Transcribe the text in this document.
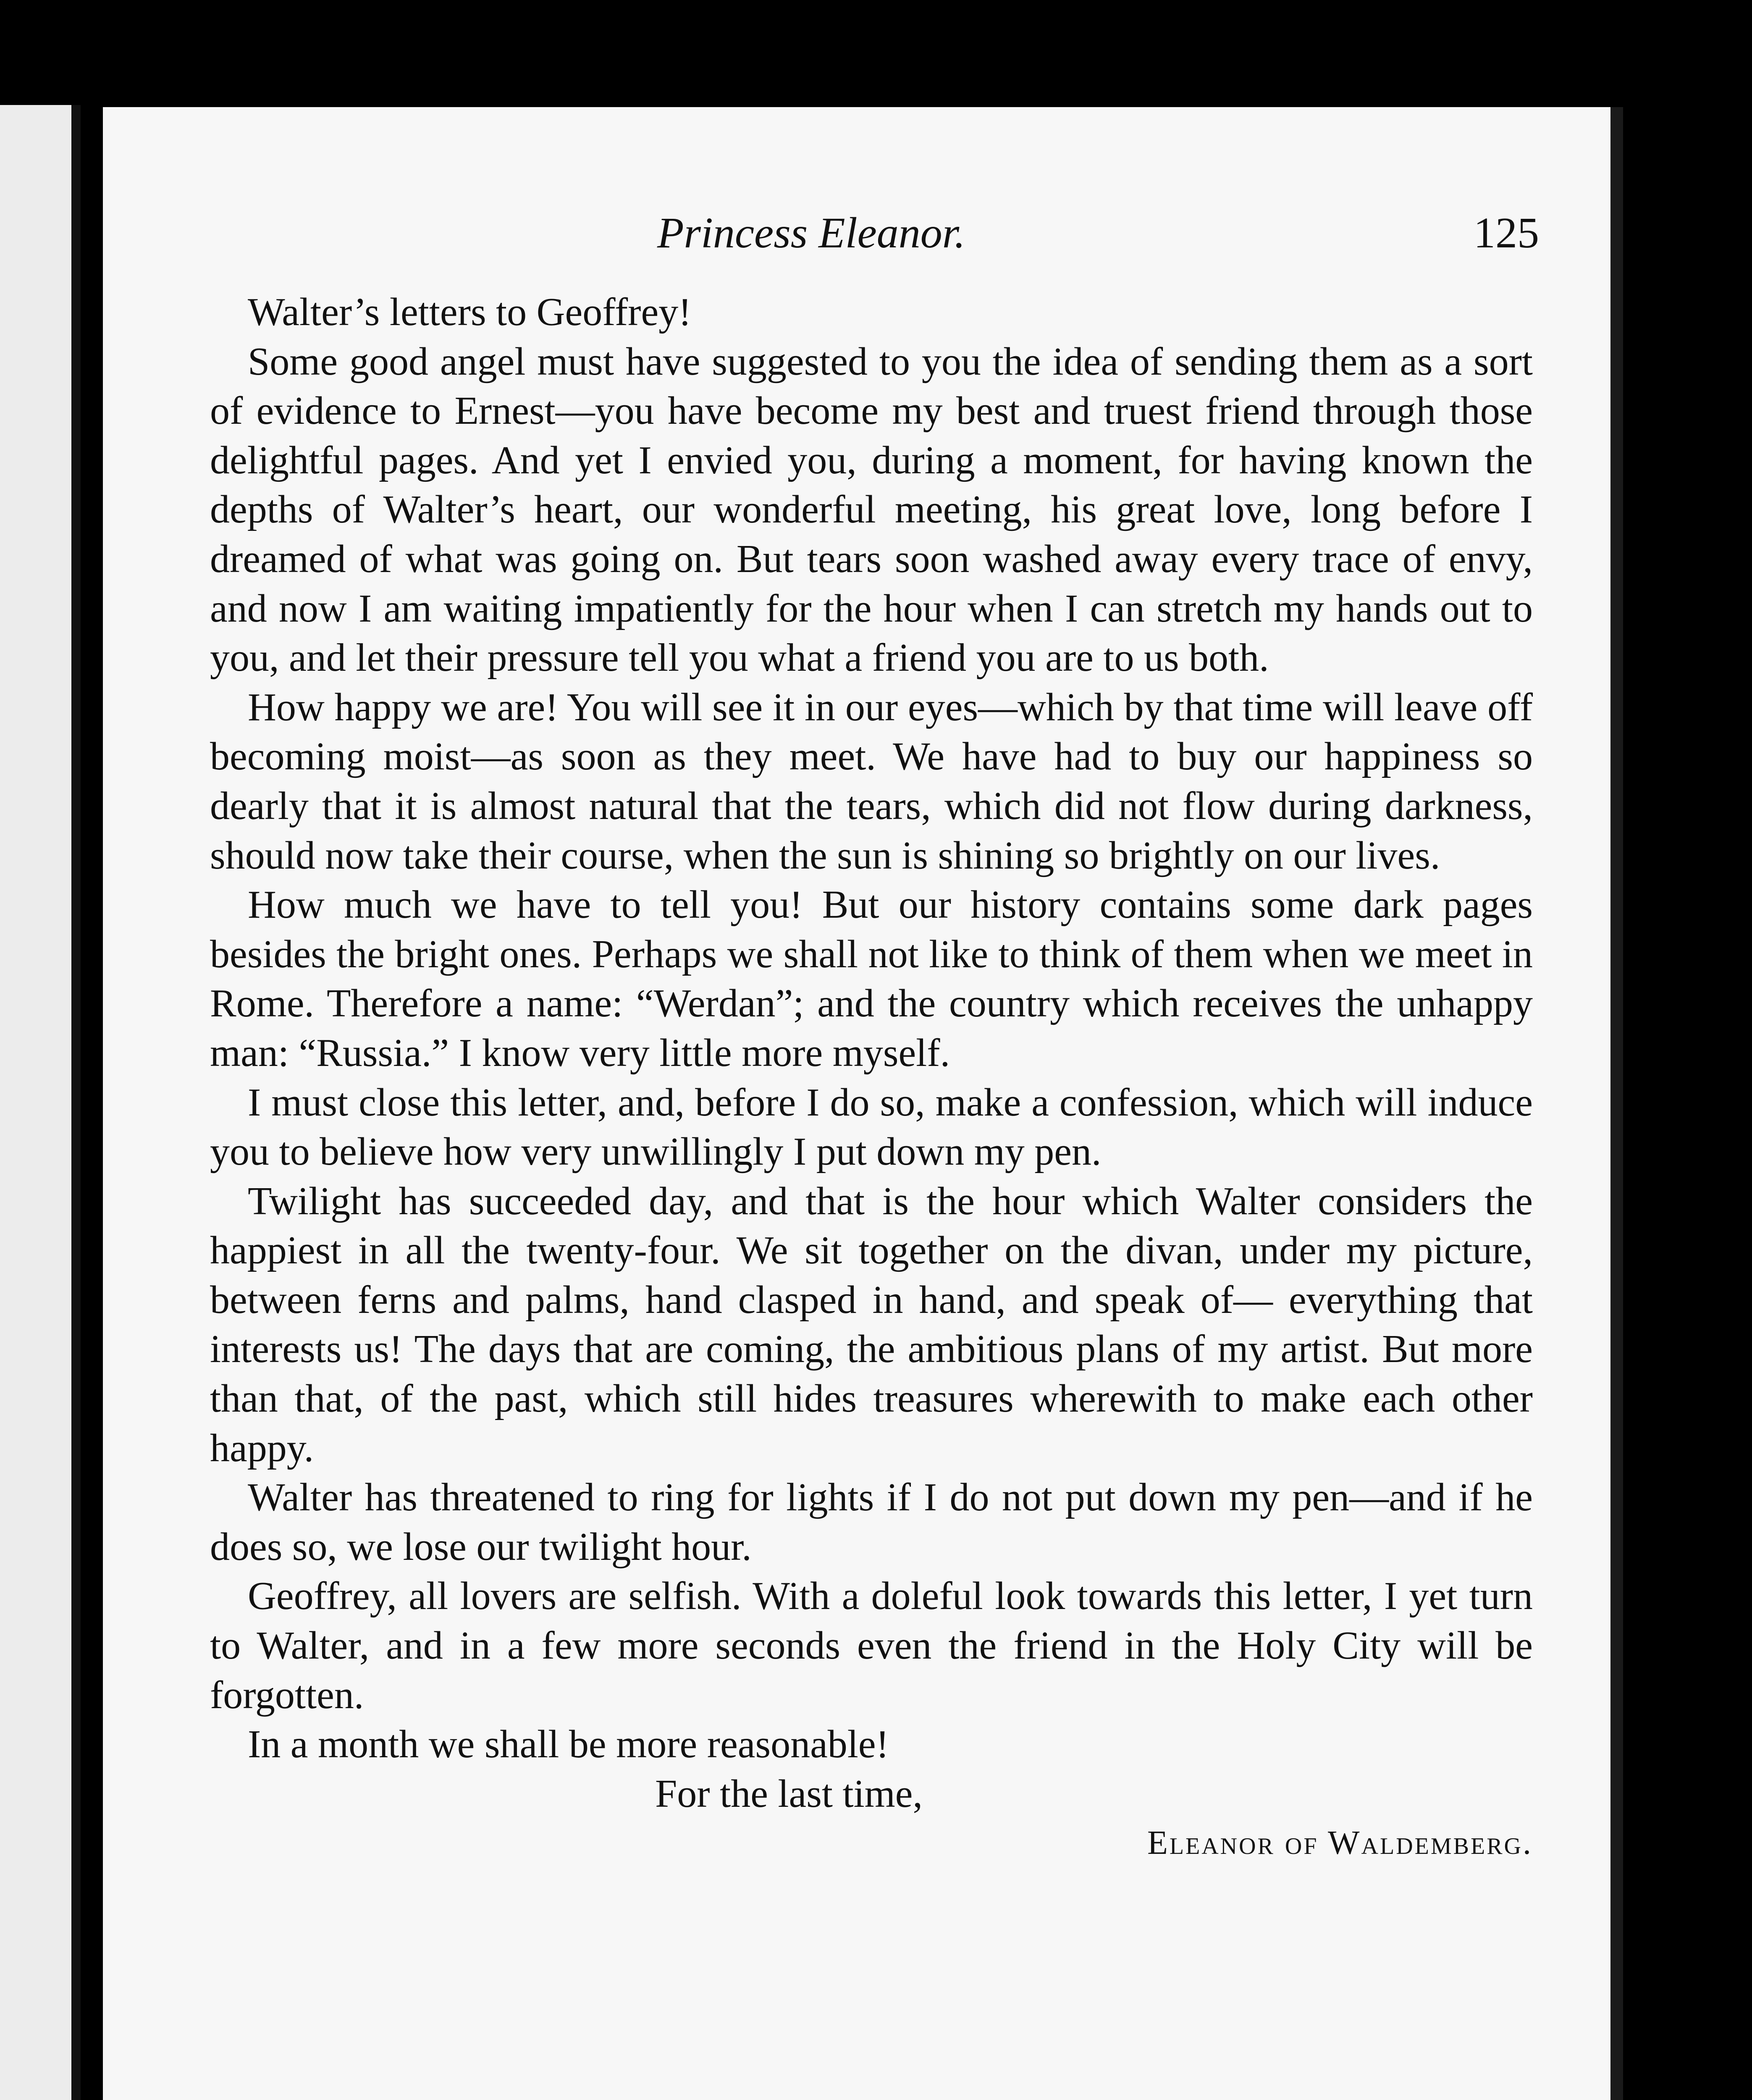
Princess Eleanor.	125

Walter’s letters to Geoffrey!

Some good angel must have suggested to you the idea of sending them as a sort of evidence to Ernest—you have become my best and truest friend through those delightful pages. And yet I envied you, during a moment, for having known the depths of Walter’s heart, our wonderful meeting, his great love, long before I dreamed of what was going on. But tears soon washed away every trace of envy, and now I am waiting impatiently for the hour when I can stretch my hands out to you, and let their pressure tell you what a friend you are to us both.

How happy we are! You will see it in our eyes—which by that time will leave off becoming moist—as soon as they meet. We have had to buy our happiness so dearly that it is almost natural that the tears, which did not flow during darkness, should now take their course, when the sun is shining so brightly on our lives.

How much we have to tell you! But our history contains some dark pages besides the bright ones. Perhaps we shall not like to think of them when we meet in Rome. Therefore a name: “Werdan”; and the country which receives the unhappy man: “Russia.” I know very little more myself.

I must close this letter, and, before I do so, make a confession, which will induce you to believe how very unwillingly I put down my pen.

Twilight has succeeded day, and that is the hour which Walter considers the happiest in all the twenty-four. We sit together on the divan, under my picture, between ferns and palms, hand clasped in hand, and speak of— everything that interests us! The days that are coming, the ambitious plans of my artist. But more than that, of the past, which still hides treasures wherewith to make each other happy.

Walter has threatened to ring for lights if I do not put down my pen—and if he does so, we lose our twilight hour.

Geoffrey, all lovers are selfish. With a doleful look towards this letter, I yet turn to Walter, and in a few more seconds even the friend in the Holy City will be forgotten.

In a month we shall be more reasonable!

For the last time,

Eleanor of Waldemberg.
